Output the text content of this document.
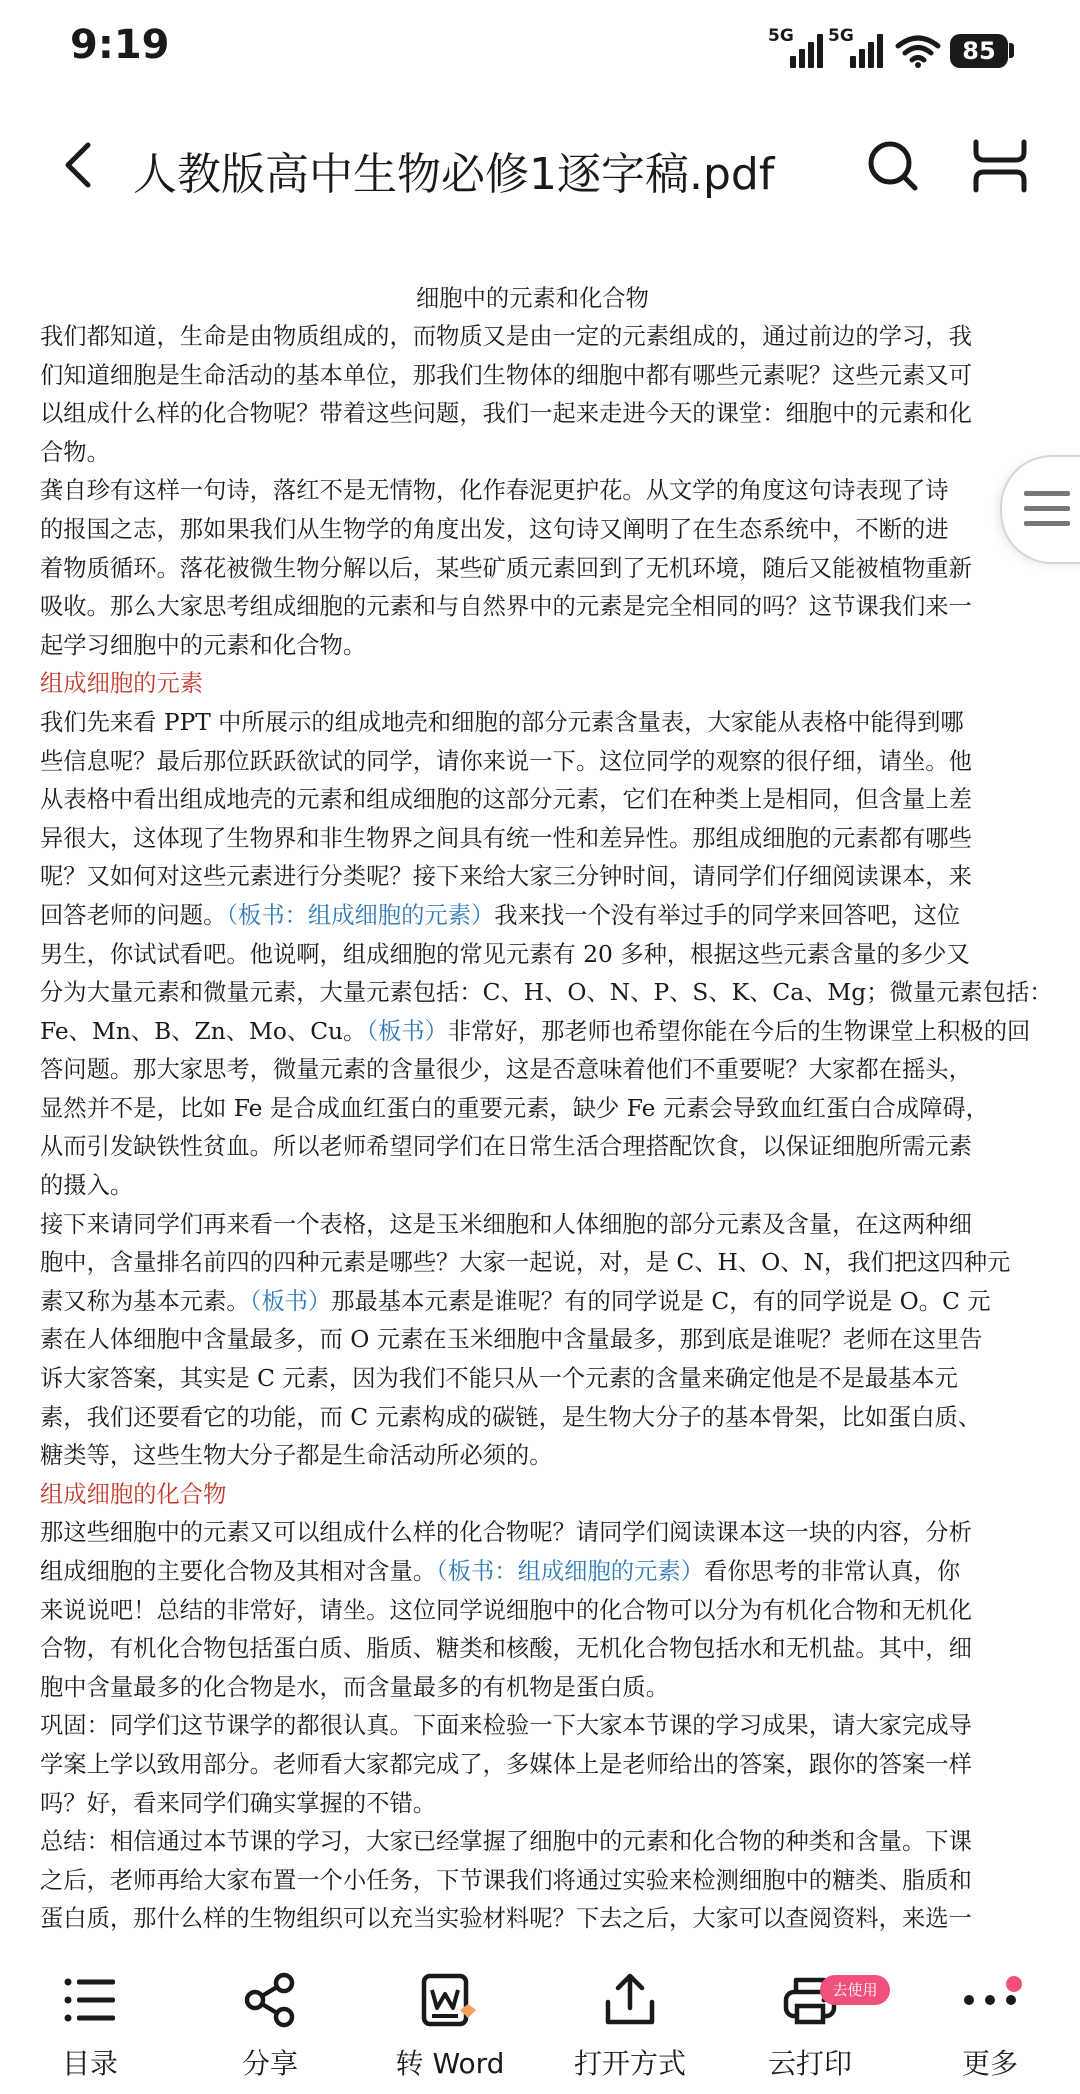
9:19	5G 5G
85
人教版高中生物必修1逐字稿.pdf
细胞中的元素和化合物
我们都知道，生命是由物质组成的，而物质又是由一定的元素组成的，通过前边的学习，我
们知道细胞是生命活动的基本单位，那我们生物体的细胞中都有哪些元素呢？这些元素又可
以组成什么样的化合物呢？带着这些问题，我们一起来走进今天的课堂：细胞中的元素和化
合物。
龚自珍有这样一句诗，落红不是无情物，化作春泥更护花。从文学的角度这句诗表现了诗
的报国之志，那如果我们从生物学的角度出发，这句诗又阐明了在生态系统中，不断的进
着物质循环。落花被微生物分解以后，某些矿质元素回到了无机环境，随后又能被植物重新
吸收。那么大家思考组成细胞的元素和与自然界中的元素是完全相同的吗？这节课我们来一
起学习细胞中的元素和化合物。
组成细胞的元素
我们先来看 PPT 中所展示的组成地壳和细胞的部分元素含量表，大家能从表格中能得到哪
些信息呢？最后那位跃跃欲试的同学，请你来说一下。这位同学的观察的很仔细，请坐。他
从表格中看出组成地壳的元素和组成细胞的这部分元素，它们在种类上是相同，但含量上差
异很大，这体现了生物界和非生物界之间具有统一性和差异性。那组成细胞的元素都有哪些
呢？又如何对这些元素进行分类呢？接下来给大家三分钟时间，请同学们仔细阅读课本，来
回答老师的问题。（板书：组成细胞的元素）我来找一个没有举过手的同学来回答吧，这位
男生，你试试看吧。他说啊，组成细胞的常见元素有 20 多种，根据这些元素含量的多少又
分为大量元素和微量元素，大量元素包括：C、H、O、N、P、S、K、Ca、Mg；微量元素包括：
Fe、Mn、B、Zn、Mo、Cu。（板书）非常好，那老师也希望你能在今后的生物课堂上积极的回
答问题。那大家思考，微量元素的含量很少，这是否意味着他们不重要呢？大家都在摇头，
显然并不是，比如 Fe 是合成血红蛋白的重要元素，缺少 Fe 元素会导致血红蛋白合成障碍，
从而引发缺铁性贫血。所以老师希望同学们在日常生活合理搭配饮食，以保证细胞所需元素
的摄入。
接下来请同学们再来看一个表格，这是玉米细胞和人体细胞的部分元素及含量，在这两种细
胞中，含量排名前四的四种元素是哪些？大家一起说，对，是 C、H、O、N，我们把这四种元
素又称为基本元素。（板书）那最基本元素是谁呢？有的同学说是 C，有的同学说是 O。C 元
素在人体细胞中含量最多，而 O 元素在玉米细胞中含量最多，那到底是谁呢？老师在这里告
诉大家答案，其实是 C 元素，因为我们不能只从一个元素的含量来确定他是不是最基本元
素，我们还要看它的功能，而 C 元素构成的碳链，是生物大分子的基本骨架，比如蛋白质、
糖类等，这些生物大分子都是生命活动所必须的。
组成细胞的化合物
那这些细胞中的元素又可以组成什么样的化合物呢？请同学们阅读课本这一块的内容，分析
组成细胞的主要化合物及其相对含量。（板书：组成细胞的元素）看你思考的非常认真，你
来说说吧！总结的非常好，请坐。这位同学说细胞中的化合物可以分为有机化合物和无机化
合物，有机化合物包括蛋白质、脂质、糖类和核酸，无机化合物包括水和无机盐。其中，细
胞中含量最多的化合物是水，而含量最多的有机物是蛋白质。
巩固：同学们这节课学的都很认真。下面来检验一下大家本节课的学习成果，请大家完成导
学案上学以致用部分。老师看大家都完成了，多媒体上是老师给出的答案，跟你的答案一样
吗？好，看来同学们确实掌握的不错。
总结：相信通过本节课的学习，大家已经掌握了细胞中的元素和化合物的种类和含量。下课
之后，老师再给大家布置一个小任务，下节课我们将通过实验来检测细胞中的糖类、脂质和
蛋白质，那什么样的生物组织可以充当实验材料呢？下去之后，大家可以查阅资料，来选一
目录	分享	转 Word	打开方式	云打印	更多
去使用
